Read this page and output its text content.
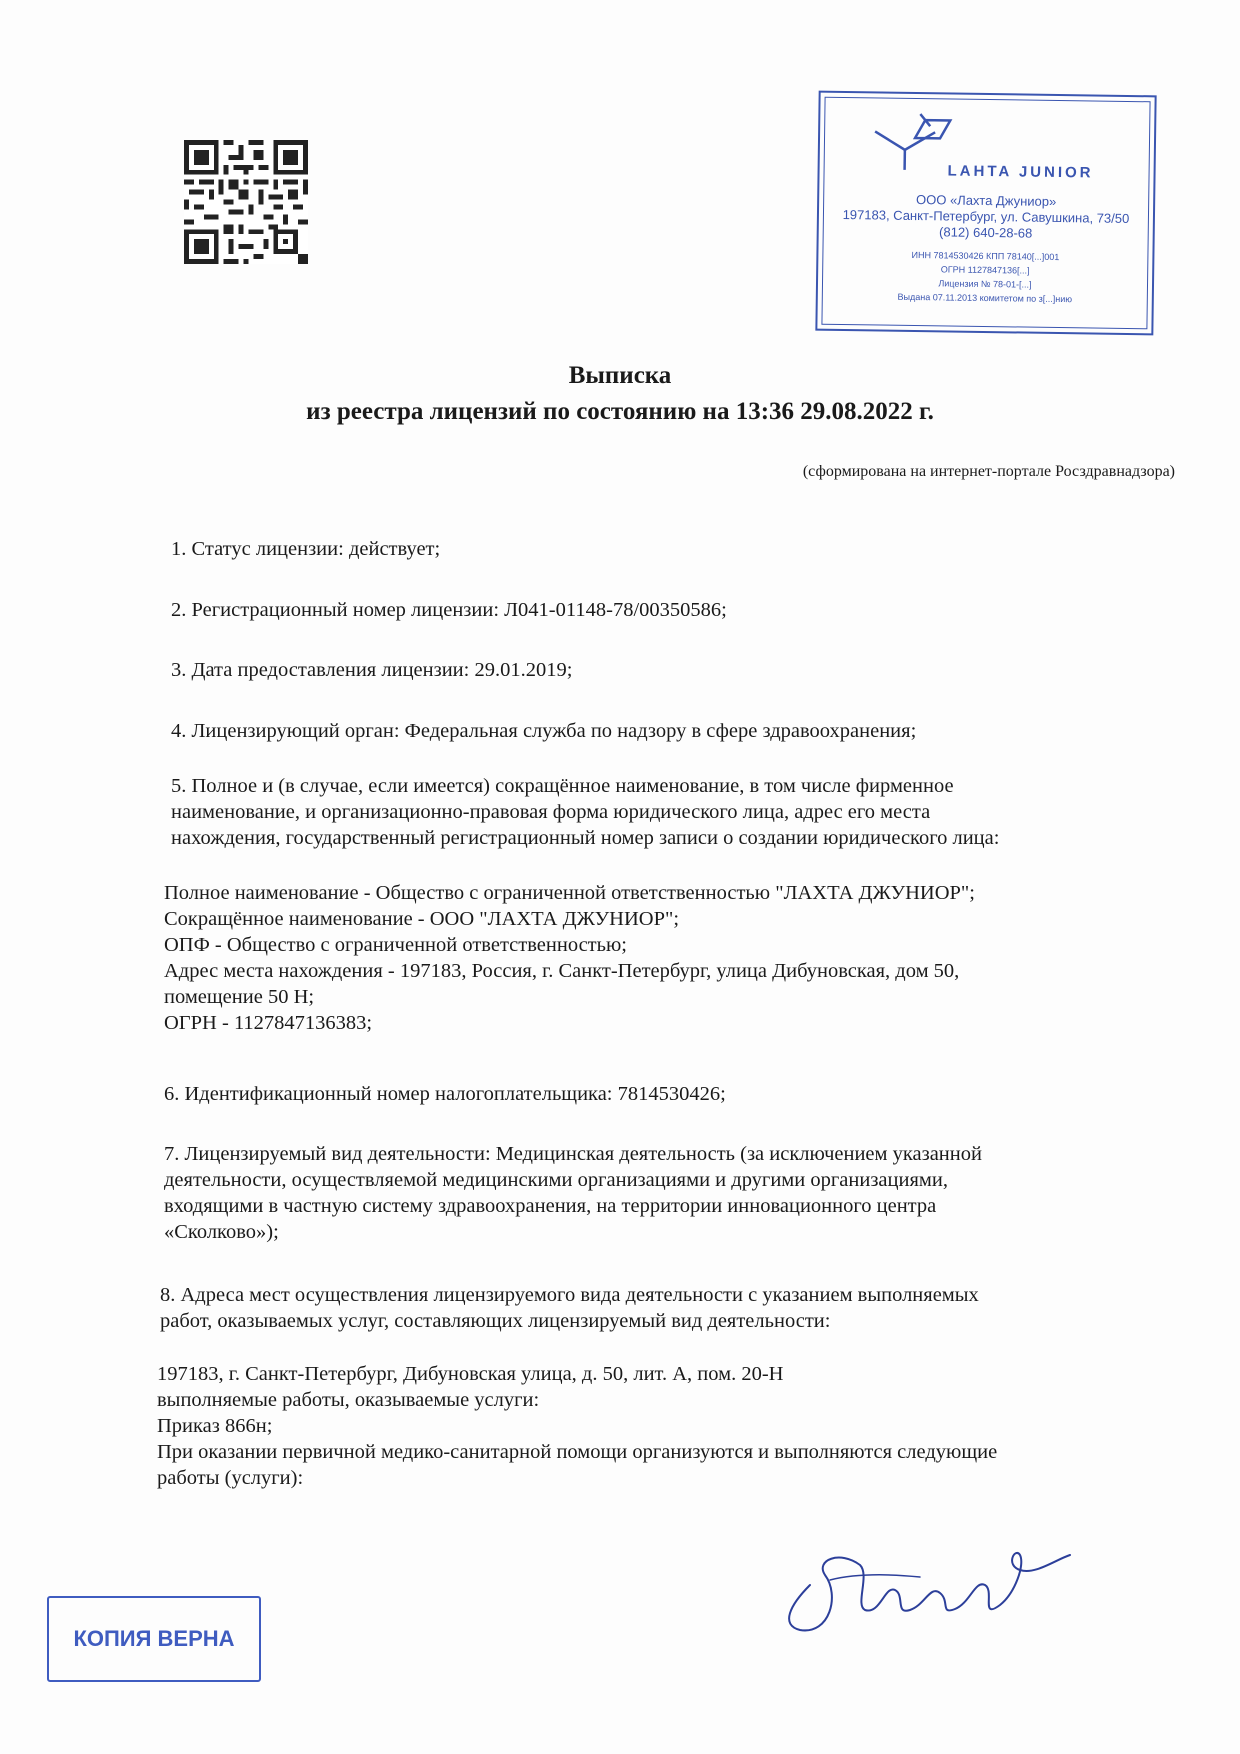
LAHTA JUNIOR
ООО «Лахта Джуниор»
197183, Санкт-Петербург, ул. Савушкина, 73/50
(812) 640-28-68
ИНН 7814530426 КПП 78140[...]001
ОГРН 1127847136[...]
Лицензия № 78-01-[...]
Выдана 07.11.2013 комитетом по з[...]нию
Выписка
из реестра лицензий по состоянию на 13:36 29.08.2022 г.
(сформирована на интернет-портале Росздравнадзора)
1. Статус лицензии: действует;
2. Регистрационный номер лицензии: Л041-01148-78/00350586;
3. Дата предоставления лицензии: 29.01.2019;
4. Лицензирующий орган: Федеральная служба по надзору в сфере здравоохранения;
5. Полное и (в случае, если имеется) сокращённое наименование, в том числе фирменное
наименование, и организационно-правовая форма юридического лица, адрес его места
нахождения, государственный регистрационный номер записи о создании юридического лица:
Полное наименование - Общество с ограниченной ответственностью "ЛАХТА ДЖУНИОР";
Сокращённое наименование - ООО "ЛАХТА ДЖУНИОР";
ОПФ - Общество с ограниченной ответственностью;
Адрес места нахождения - 197183, Россия, г. Санкт-Петербург, улица Дибуновская, дом 50,
помещение 50 Н;
ОГРН - 1127847136383;
6. Идентификационный номер налогоплательщика: 7814530426;
7. Лицензируемый вид деятельности: Медицинская деятельность (за исключением указанной
деятельности, осуществляемой медицинскими организациями и другими организациями,
входящими в частную систему здравоохранения, на территории инновационного центра
«Сколково»);
8. Адреса мест осуществления лицензируемого вида деятельности с указанием выполняемых
работ, оказываемых услуг, составляющих лицензируемый вид деятельности:
197183, г. Санкт-Петербург, Дибуновская улица, д. 50, лит. А, пом. 20-Н
выполняемые работы, оказываемые услуги:
Приказ 866н;
При оказании первичной медико-санитарной помощи организуются и выполняются следующие
работы (услуги):
КОПИЯ ВЕРНА
